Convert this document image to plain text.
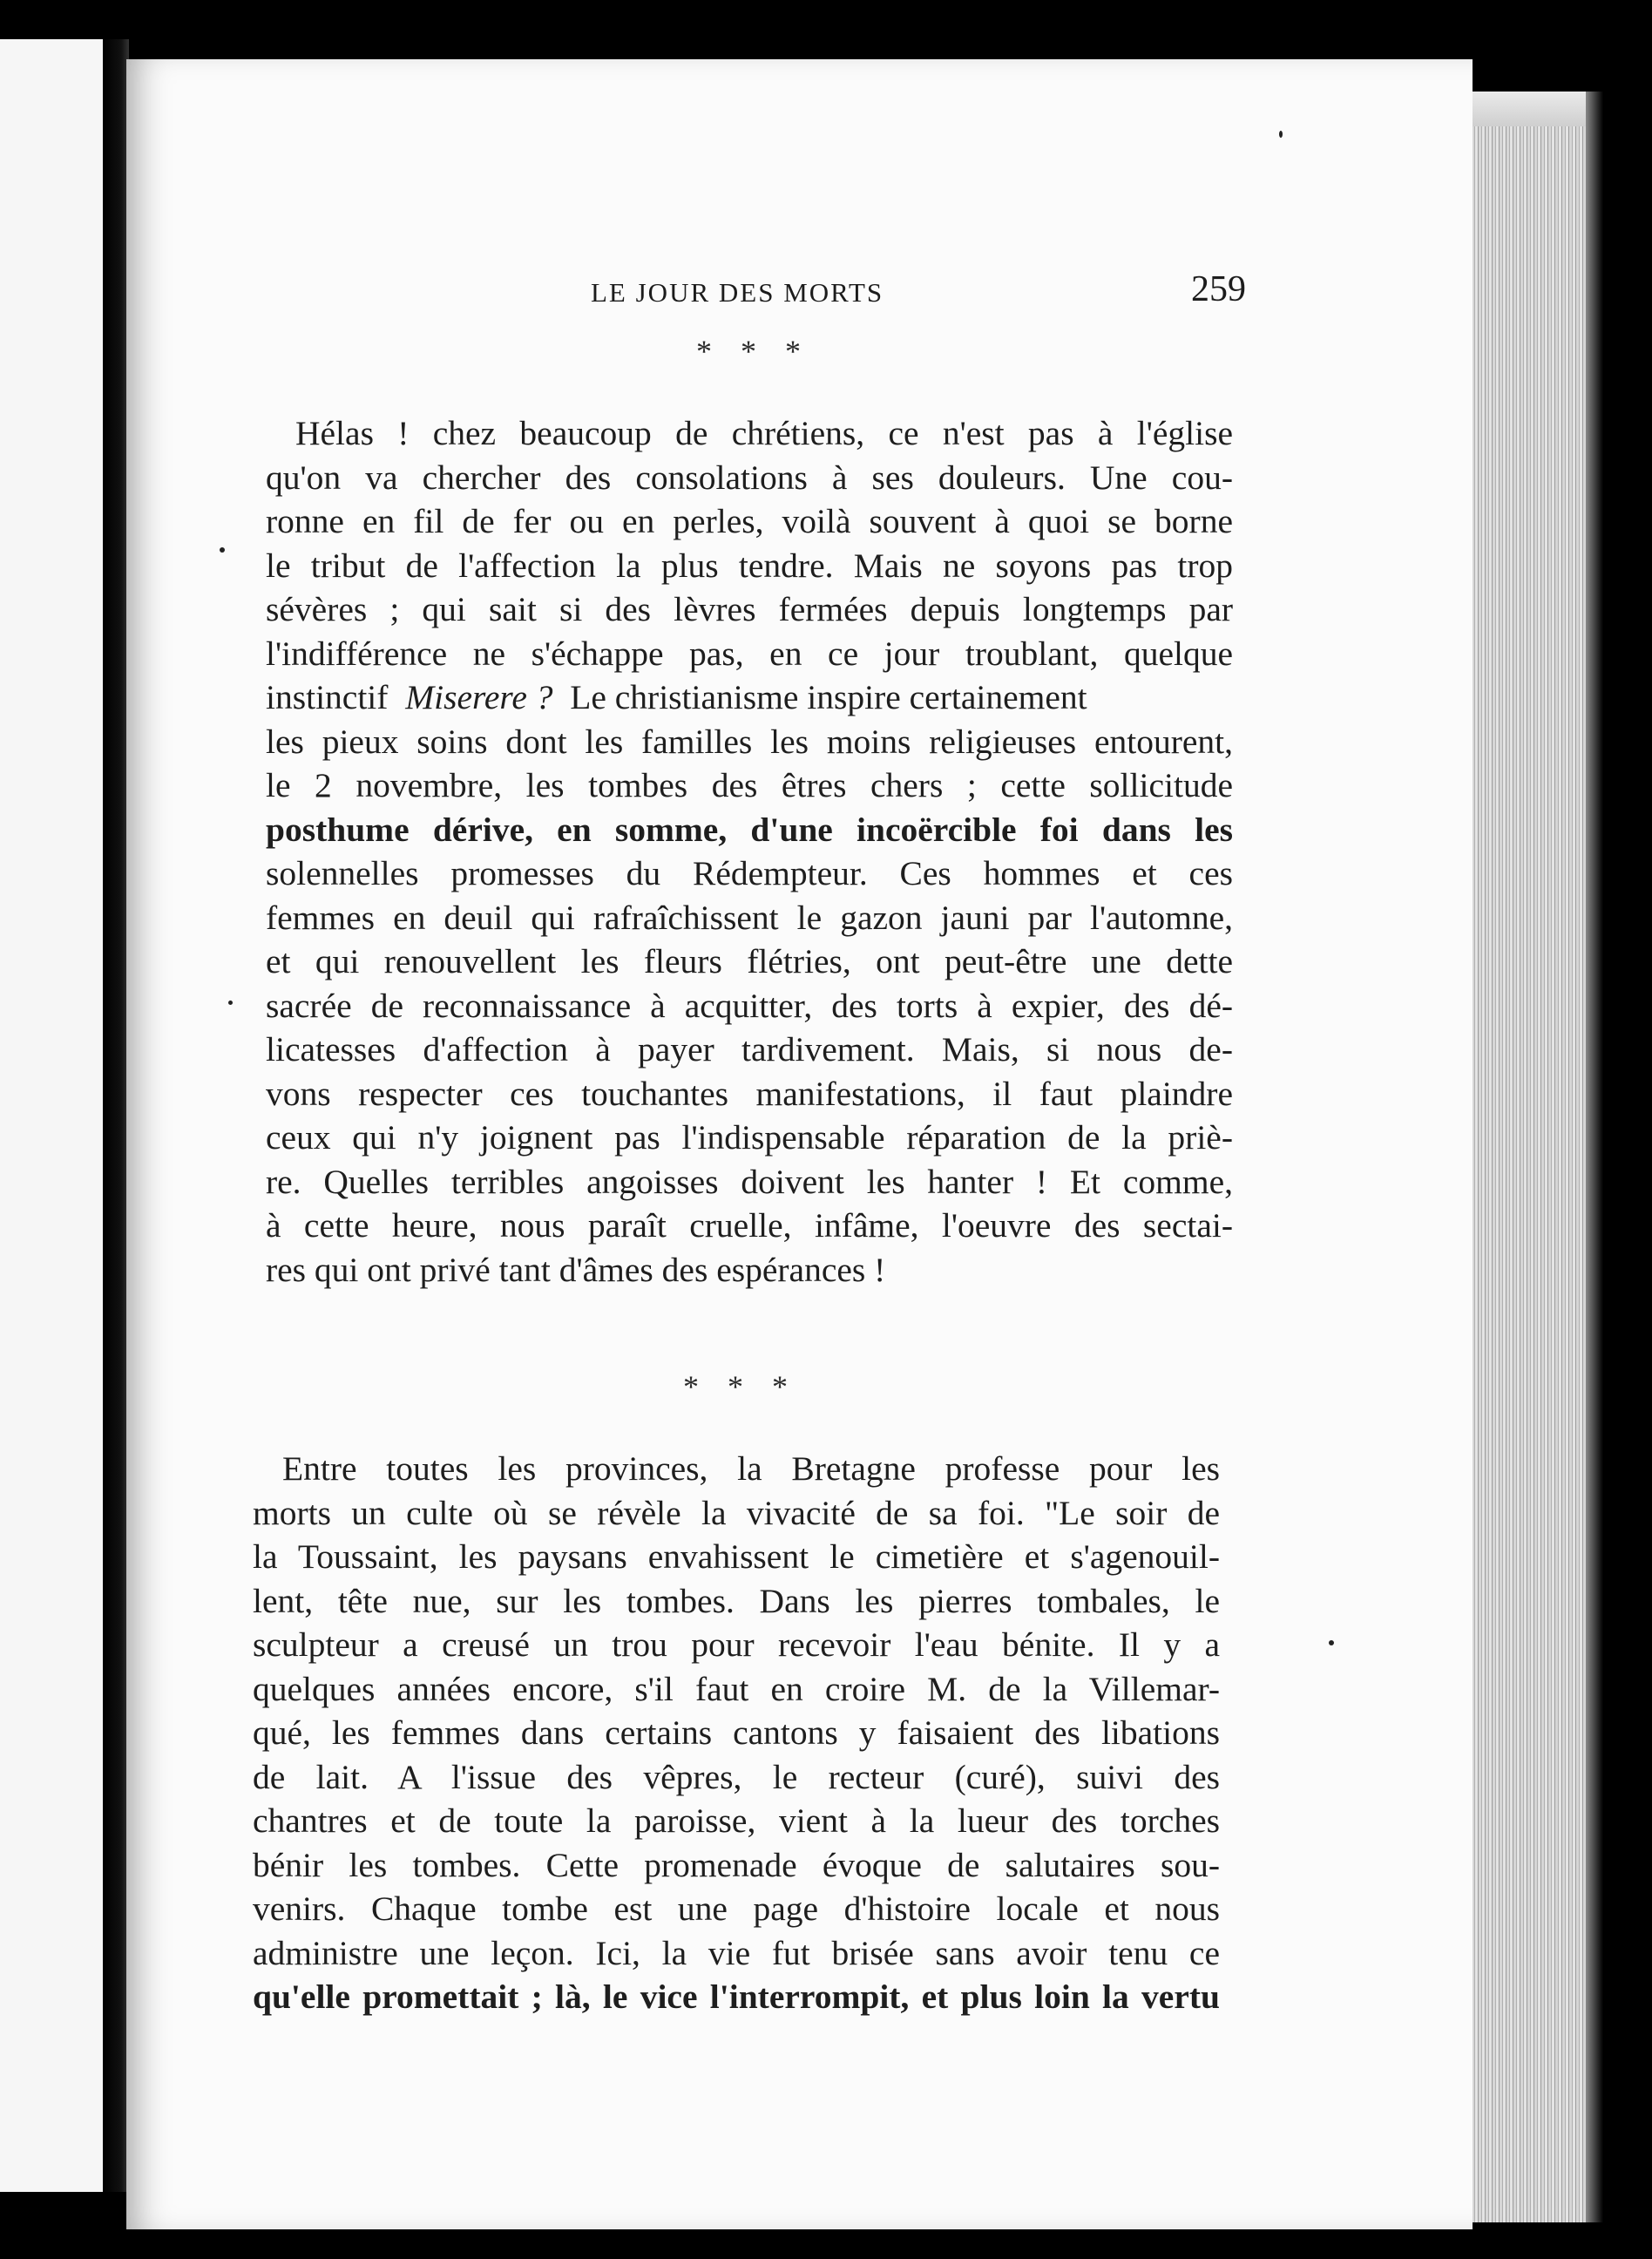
LE JOUR DES MORTS	259
* * *
Hélas ! chez beaucoup de chrétiens, ce n'est pas à l'église
qu'on va chercher des consolations à ses douleurs. Une cou-
ronne en fil de fer ou en perles, voilà souvent à quoi se borne
le tribut de l'affection la plus tendre. Mais ne soyons pas trop
sévères ; qui sait si des lèvres fermées depuis longtemps par
l'indifférence ne s'échappe pas, en ce jour troublant, quelque
instinctif Miserere ? Le christianisme inspire certainement
les pieux soins dont les familles les moins religieuses entourent,
le 2 novembre, les tombes des êtres chers ; cette sollicitude
posthume dérive, en somme, d'une incoërcible foi dans les
solennelles promesses du Rédempteur. Ces hommes et ces
femmes en deuil qui rafraîchissent le gazon jauni par l'automne,
et qui renouvellent les fleurs flétries, ont peut-être une dette
sacrée de reconnaissance à acquitter, des torts à expier, des dé-
licatesses d'affection à payer tardivement. Mais, si nous de-
vons respecter ces touchantes manifestations, il faut plaindre
ceux qui n'y joignent pas l'indispensable réparation de la priè-
re. Quelles terribles angoisses doivent les hanter ! Et comme,
à cette heure, nous paraît cruelle, infâme, l'oeuvre des sectai-
res qui ont privé tant d'âmes des espérances !
* * *
Entre toutes les provinces, la Bretagne professe pour les
morts un culte où se révèle la vivacité de sa foi. "Le soir de
la Toussaint, les paysans envahissent le cimetière et s'agenouil-
lent, tête nue, sur les tombes. Dans les pierres tombales, le
sculpteur a creusé un trou pour recevoir l'eau bénite. Il y a
quelques années encore, s'il faut en croire M. de la Villemar-
qué, les femmes dans certains cantons y faisaient des libations
de lait. A l'issue des vêpres, le recteur (curé), suivi des
chantres et de toute la paroisse, vient à la lueur des torches
bénir les tombes. Cette promenade évoque de salutaires sou-
venirs. Chaque tombe est une page d'histoire locale et nous
administre une leçon. Ici, la vie fut brisée sans avoir tenu ce
qu'elle promettait ; là, le vice l'interrompit, et plus loin la vertu
